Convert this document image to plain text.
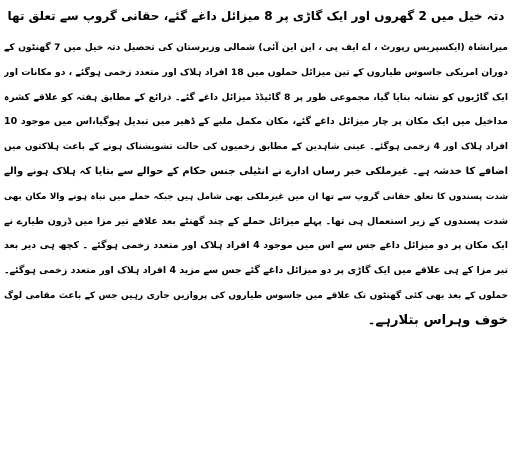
دتہ خیل میں 2 گھروں اور ایک گاڑی پر 8 میزائل داغے گئے، حقانی گروپ سے تعلق تھا
میرانشاہ (ایکسپریس رپورٹ ، اے ایف پی ، این این آئی) شمالی وزیرستان کی تحصیل دتہ خیل میں 7 گھنٹوں کے
دوران امریکی جاسوس طیاروں کے تین میزائل حملوں میں 18 افراد ہلاک اور متعدد زخمی ہوگئے ، دو مکانات اور
ایک گاڑیوں کو نشانہ بنایا گیا، مجموعی طور پر 8 گائیڈڈ میزائل داغے گئے۔ ذرائع کے مطابق ہفتہ کو علاقے کشرہ
مداخیل میں ایک مکان پر چار میزائل داغے گئے، مکان مکمل ملبے کے ڈھیر میں تبدیل ہوگیا،اس میں موجود 10
افراد ہلاک اور 4 زخمی ہوگئے۔ عینی شاہدین کے مطابق زخمیوں کی حالت تشویشناک ہونے کے باعث ہلاکتوں میں
اضافے کا خدشہ ہے۔ غیرملکی خبر رساں ادارے نے انٹیلی جنس حکام کے حوالے سے بتایا کہ ہلاک ہونے والے
شدت پسندوں کا تعلق حقانی گروپ سے تھا ان میں غیرملکی بھی شامل ہیں جبکہ حملے میں تباہ ہونے والا مکان بھی
شدت پسندوں کے زیر استعمال ہی تھا۔ پہلے میزائل حملے کے چند گھنٹے بعد علاقے تیر مزا میں ڈرون طیارے نے
ایک مکان پر دو میزائل داغے جس سے اس میں موجود 4 افراد ہلاک اور متعدد زخمی ہوگئے ۔ کچھ ہی دیر بعد
تیر مزا کے ہی علاقے میں ایک گاڑی پر دو میزائل داغے گئے جس سے مزید 4 افراد ہلاک اور متعدد زخمی ہوگئے۔
حملوں کے بعد بھی کئی گھنٹوں تک علاقے میں جاسوس طیاروں کی پروازیں جاری رہیں جس کے باعث مقامی لوگ
خوف وہراس بتلارہے۔
